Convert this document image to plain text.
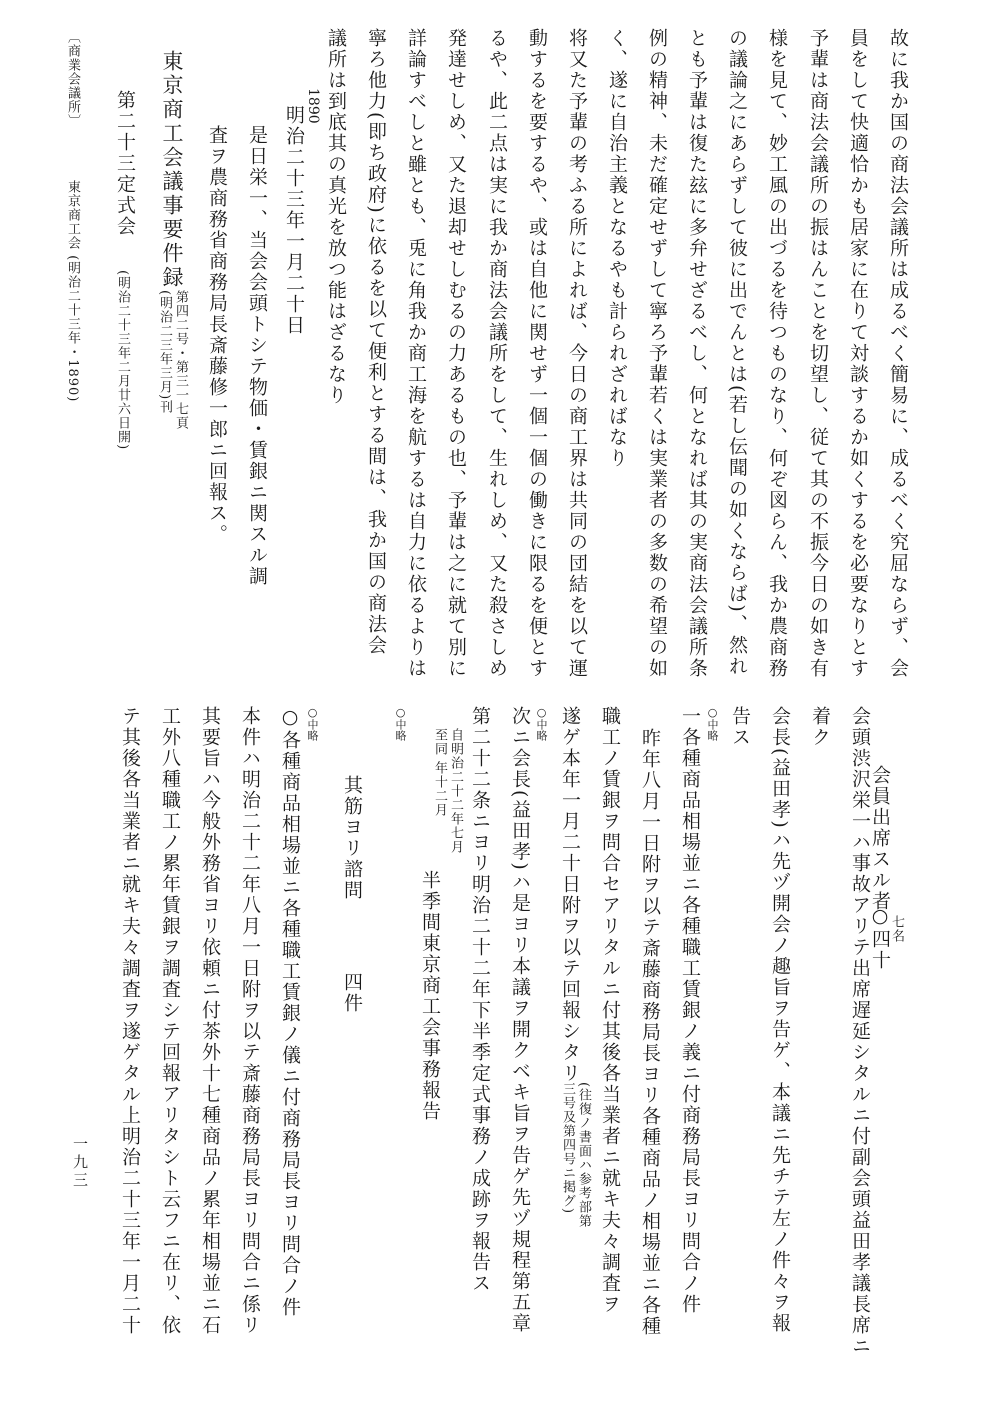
故に我か国の商法会議所は成るべく簡易に、成るべく究屈ならず、会
員をして快適恰かも居家に在りて対談するか如くするを必要なりとす
予輩は商法会議所の振はんことを切望し、従て其の不振今日の如き有
様を見て、妙工風の出づるを待つものなり、何ぞ図らん、我か農商務
の議論之にあらずして彼に出でんとは(若し伝聞の如くならば)、然れ
とも予輩は復た玆に多弁せざるべし、何となれば其の実商法会議所条
例の精神、未だ確定せずして寧ろ予輩若くは実業者の多数の希望の如
く、遂に自治主義となるやも計られざればなり
将又た予輩の考ふる所によれば、今日の商工界は共同の団結を以て運
動するを要するや、或は自他に関せず一個一個の働きに限るを便とす
るや、此二点は実に我か商法会議所をして、生れしめ、又た殺さしめ
発達せしめ、又た退却せしむるの力あるもの也、予輩は之に就て別に
詳論すべしと雖とも、兎に角我か商工海を航するは自力に依るよりは
寧ろ他力(即ち政府)に依るを以て便利とする間は、我か国の商法会
議所は到底其の真光を放つ能はざるなり
1890
明治二十三年一月二十日
是日栄一、当会会頭トシテ物価・賃銀ニ関スル調
査ヲ農商務省商務局長斎藤修一郎ニ回報ス。
東京商工会議事要件録
第四二号・第三一七頁
(明治二三年三月)刊
第二十三定式会
(明治二十三年二月廿六日開)
〔商業会議所〕
東京商工会 (明治二十三年・1890)
会員出席スル者
○四十
七名
会頭渋沢栄一ハ事故アリテ出席遅延シタルニ付副会頭益田孝議長席ニ
着ク
会長(益田孝)ハ先ヅ開会ノ趣旨ヲ告ゲ、本議ニ先チテ左ノ件々ヲ報
告ス
○中略
一各種商品相場並ニ各種職工賃銀ノ義ニ付商務局長ヨリ問合ノ件
昨年八月一日附ヲ以テ斎藤商務局長ヨリ各種商品ノ相場並ニ各種
職工ノ賃銀ヲ問合セアリタルニ付其後各当業者ニ就キ夫々調査ヲ
遂ゲ本年一月二十日附ヲ以テ回報シタリ
(往復ノ書面ハ参考部第
三号及第四号ニ掲グ)
○中略
次ニ会長(益田孝)ハ是ヨリ本議ヲ開クベキ旨ヲ告ゲ先ヅ規程第五章
第二十二条ニヨリ明治二十二年下半季定式事務ノ成跡ヲ報告ス
自明治二十二年七月
至同 年十二月
半季間東京商工会事務報告
○中略
其筋ヨリ諮問
四件
○中略
○各種商品相場並ニ各種職工賃銀ノ儀ニ付商務局長ヨリ問合ノ件
本件ハ明治二十二年八月一日附ヲ以テ斎藤商務局長ヨリ問合ニ係リ
其要旨ハ今般外務省ヨリ依頼ニ付茶外十七種商品ノ累年相場並ニ石
工外八種職工ノ累年賃銀ヲ調査シテ回報アリタシト云フニ在リ、依
テ其後各当業者ニ就キ夫々調査ヲ遂ゲタル上明治二十三年一月二十
一九三
